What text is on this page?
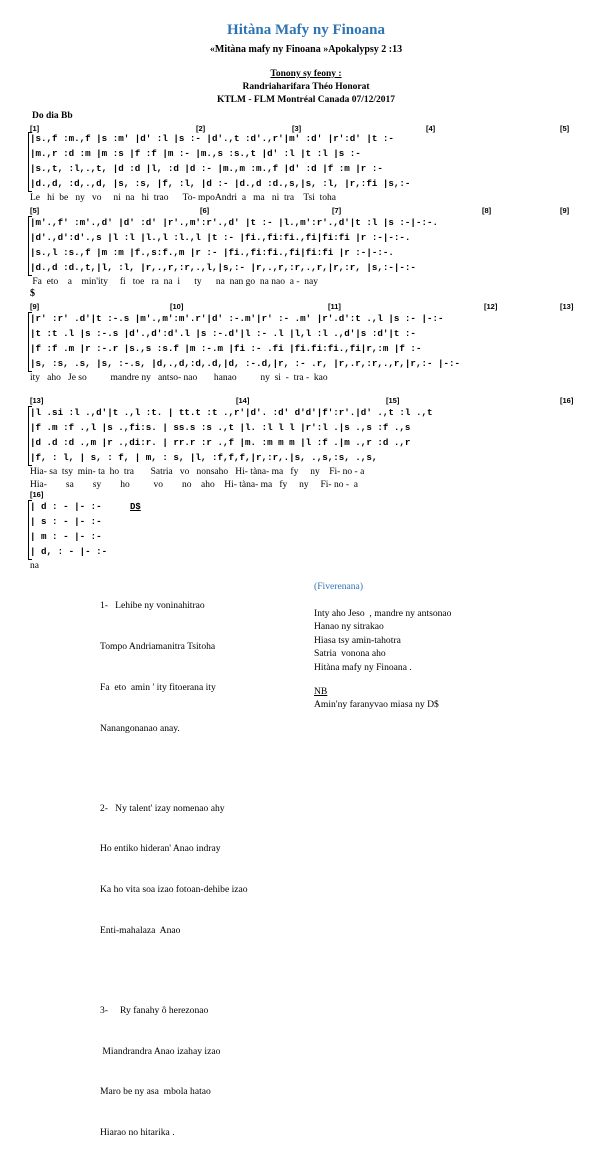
Hitàna Mafy ny Finoana
«Mitàna mafy ny Finoana »Apokalypsy 2 :13
Tonony sy feony :
Randriaharifara Théo Honorat
KTLM - FLM Montréal Canada 07/12/2017
Do dia Bb
[1]	[2]	[3]	[4]	[5]
|s.,f :m.,f |s :m' |d' :l |s :- |d'.,t :d'.,r'|m' :d' |r':d' |t :-
|m.,r :d :m |m :s |f :f |m :- |m.,s :s.,t |d' :l |t :l |s :-
|s.,t, :l,.,t, |d :d |l, :d |d :- |m.,m :m.,f |d' :d |f :m |r :-
|d.,d, :d,.,d, |s, :s, |f, :l, |d :- |d.,d :d.,s,|s, :l, |r,:fi |s,:-
Le   hi  be   ny   vo     ni  na   hi  trao      To- mpoAndri  a   ma   ni  tra    Tsi  toha
[5]	[6]	[7]	[8]	[9]
|m'.,f' :m'.,d' |d' :d' |r'.,m':r'.,d' |t :- |l.,m':r'.,d'|t :l |s :-|-:-.
|d'.,d':d'.,s |l :l |l.,l :l.,l |t :- |fi.,fi:fi.,fi|fi:fi |r :-|-:-.
|s.,l :s.,f |m :m |f.,s:f.,m |r :- |fi.,fi:fi.,fi|fi:fi |r :-|-:-.
|d.,d :d.,t,|l, :l, |r,.,r,:r,.,l,|s,:- |r,.,r,:r,.,r,|r,:r, |s,:-|-:-
Fa  eto    a    min'ity     fi   toe   ra  na  i      ty      na  nan go  na nao  a -  nay
$
[9]	[10]	[11]	[12]	[13]
|r' :r' .d'|t :-.s |m'.,m':m'.r'|d' :-.m'|r' :- .m' |r'.d':t .,l |s :- |-:-
|t :t .l |s :-.s |d'.,d':d'.l |s :-.d'|l :- .l |l,l :l .,d'|s :d'|t :-
|f :f .m |r :-.r |s.,s :s.f |m :-.m |fi :- .fi |fi.fi:fi.,fi|r,:m |f :-
|s, :s, .s, |s, :-.s, |d,.,d,:d,.d,|d, :-.d,|r, :- .r, |r,.r,:r,.,r,|r,:- |-:-
ity   aho   Je so          mandre ny   antso- nao       hanao          ny  si  -  tra -  kao
[13]	[14]	[15]	[16]
|l .si :l .,d'|t .,l :t. | tt.t :t .,r'|d'. :d' d'd'|f':r'.|d' .,t :l .,t
|f .m :f .,l |s .,fi:s. | ss.s :s .,t |l. :l l l |r':l .|s .,s :f .,s
|d .d :d .,m |r .,di:r. | rr.r :r .,f |m. :m m m |l :f .|m .,r :d .,r
|f, : l, | s, : f, | m, : s, |l, :f,f,f,|r,:r,.|s, .,s,:s, .,s,
Hia- sa  tsy  min- ta  ho  tra       Satria   vo   nonsaho   Hi- tàna- ma   fy     ny    Fi- no - a
Hia-        sa        sy        ho          vo        no    aho    Hi- tàna- ma   fy     ny     Fi- no -  a
[16]
| d : - |- :-
| s : - |- :-
| m : - |- :-
| d, : - |- :-
na
D$

1-   Lehibe ny voninahitrao

Tompo Andriamanitra Tsitoha

Fa  eto  amin ' ity fitoerana ity

Nanangonanao anay.

2-   Ny talent' izay nomenao ahy

Ho entiko hideran' Anao indray

Ka ho vita soa izao fotoan-dehibe izao

Enti-mahalaza  Anao

3-     Ry fanahy ô herezonao

Miandrandra Anao izahay izao

Maro be ny asa  mbola hatao

Hiarao no hitarika .

(Fiverenana)
Inty aho Jeso  , mandre ny antsonao
Hanao ny sitrakao
Hiasa tsy amin-tahotra
Satria  vonona aho
Hitàna mafy ny Finoana .
NB
Amin'ny faranyvao miasa ny D$
